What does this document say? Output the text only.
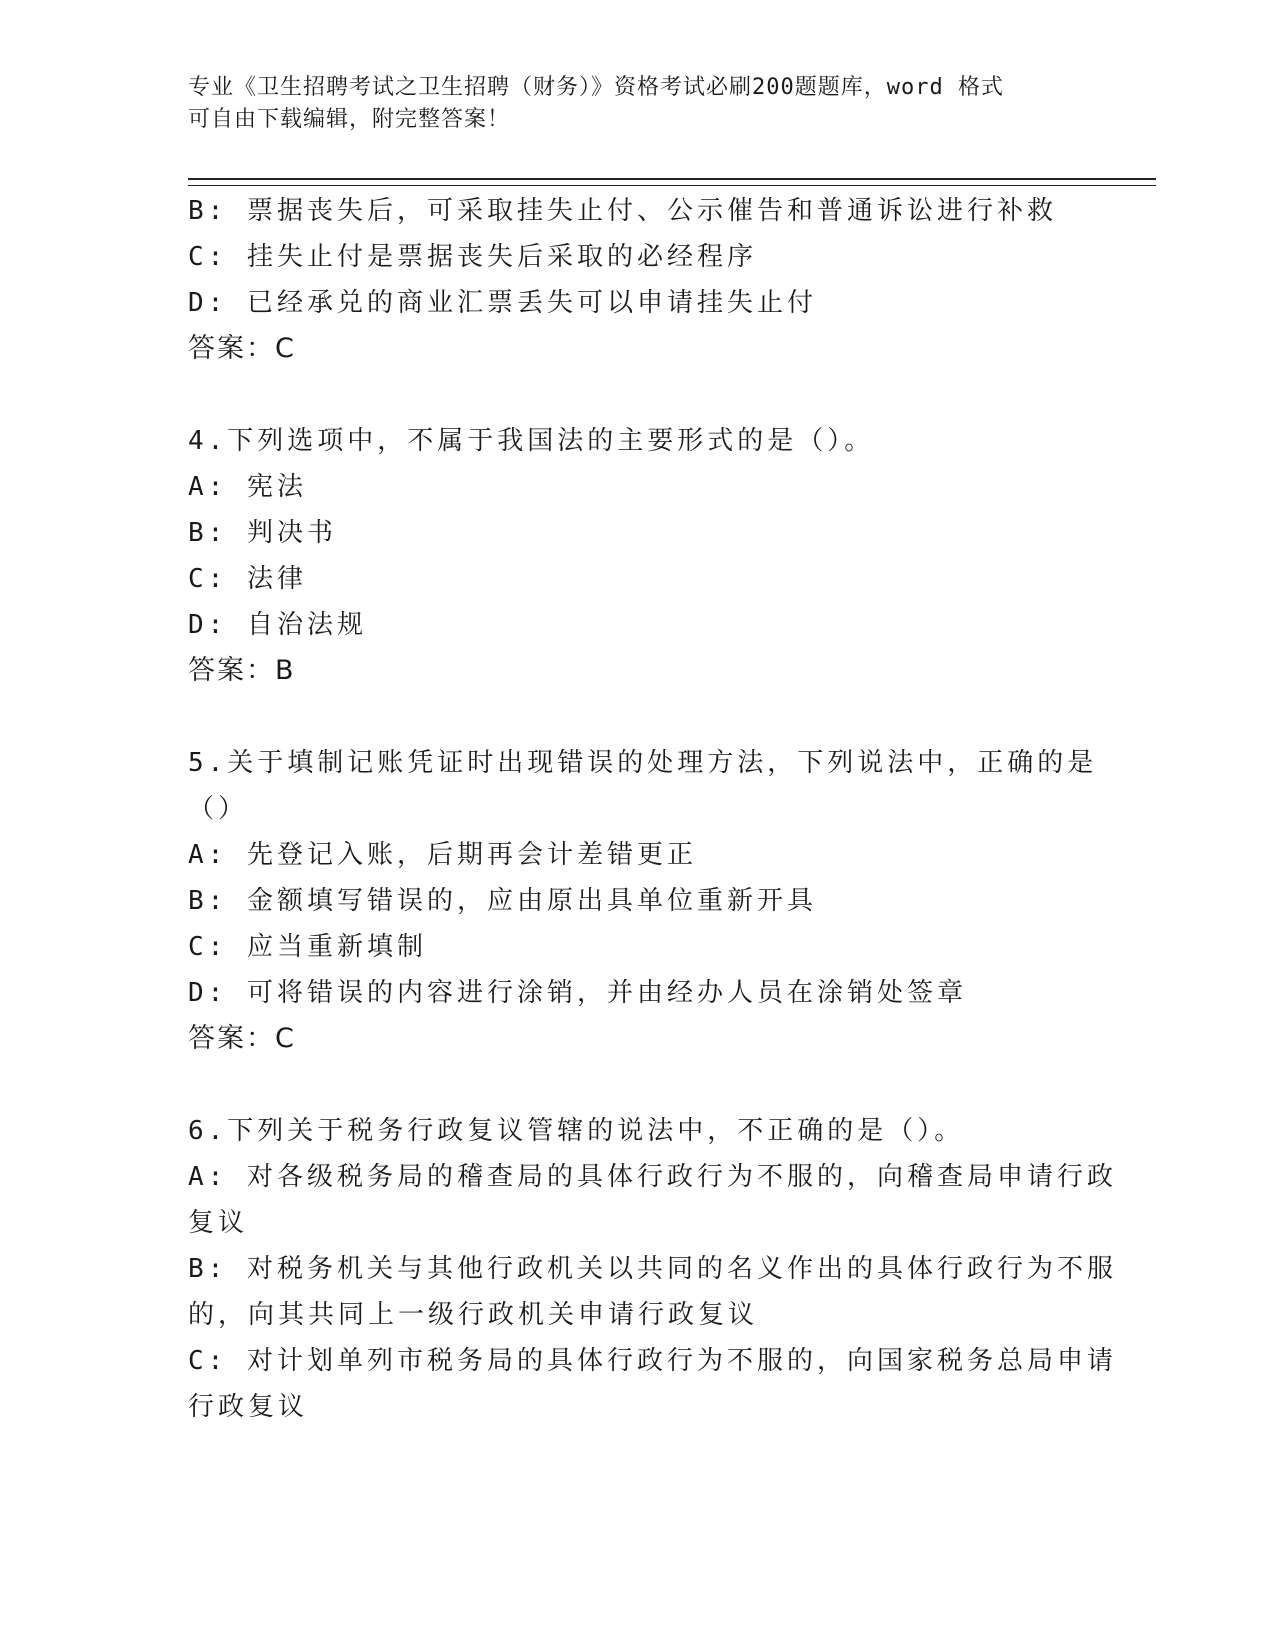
专业《卫生招聘考试之卫生招聘（财务）》资格考试必刷200题题库，word 格式
可自由下载编辑，附完整答案！
B: 票据丧失后，可采取挂失止付、公示催告和普通诉讼进行补救
C: 挂失止付是票据丧失后采取的必经程序
D: 已经承兑的商业汇票丢失可以申请挂失止付
答案：C
4.下列选项中，不属于我国法的主要形式的是（）。
A: 宪法
B: 判决书
C: 法律
D: 自治法规
答案：B
5.关于填制记账凭证时出现错误的处理方法，下列说法中，正确的是
（）
A: 先登记入账，后期再会计差错更正
B: 金额填写错误的，应由原出具单位重新开具
C: 应当重新填制
D: 可将错误的内容进行涂销，并由经办人员在涂销处签章
答案：C
6.下列关于税务行政复议管辖的说法中，不正确的是（）。
A: 对各级税务局的稽查局的具体行政行为不服的，向稽查局申请行政
复议
B: 对税务机关与其他行政机关以共同的名义作出的具体行政行为不服
的，向其共同上一级行政机关申请行政复议
C: 对计划单列市税务局的具体行政行为不服的，向国家税务总局申请
行政复议
